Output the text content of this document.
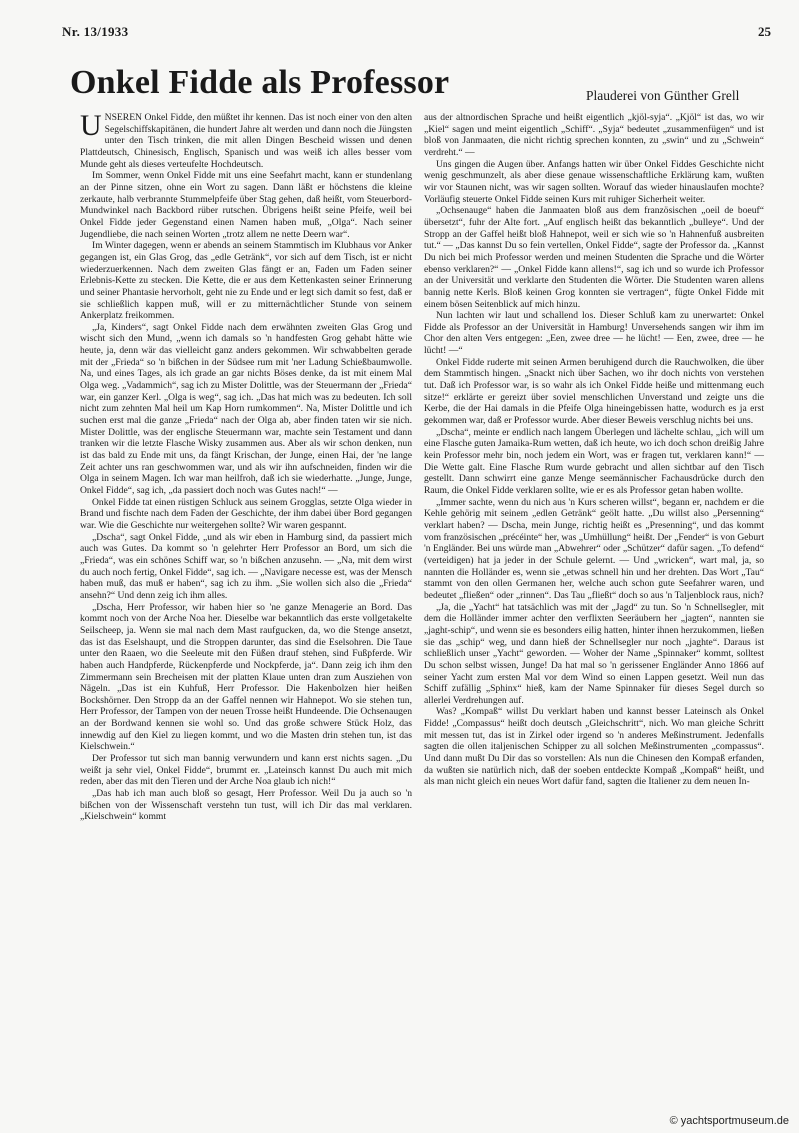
Nr. 13/1933	25
Onkel Fidde als Professor	Plauderei von Günther Grell

UNSEREN Onkel Fidde, den müßtet ihr kennen. Das ist noch einer von den alten Segelschiffskapitänen, die hundert Jahre alt werden und dann noch die Jüngsten unter den Tisch trinken, die mit allen Dingen Bescheid wissen und denen Plattdeutsch, Chinesisch, Englisch, Spanisch und was weiß ich alles besser vom Munde geht als dieses verteufelte Hochdeutsch.

Im Sommer, wenn Onkel Fidde mit uns eine Seefahrt macht, kann er stundenlang an der Pinne sitzen, ohne ein Wort zu sagen. Dann läßt er höchstens die kleine zerkaute, halb verbrannte Stummelpfeife über Stag gehen, daß heißt, vom Steuerbord-Mundwinkel nach Backbord rüber rutschen. Übrigens heißt seine Pfeife, weil bei Onkel Fidde jeder Gegenstand einen Namen haben muß, „Olga“. Nach seiner Jugendliebe, die nach seinen Worten „trotz allem ne nette Deern war“.

Im Winter dagegen, wenn er abends an seinem Stammtisch im Klubhaus vor Anker gegangen ist, ein Glas Grog, das „edle Getränk“, vor sich auf dem Tisch, ist er nicht wiederzuerkennen. Nach dem zweiten Glas fängt er an, Faden um Faden seiner Erlebnis-Kette zu stecken. Die Kette, die er aus dem Kettenkasten seiner Erinnerung und seiner Phantasie hervorholt, geht nie zu Ende und er legt sich damit so fest, daß er sie schließlich kappen muß, will er zu mitternächtlicher Stunde von seinem Ankerplatz freikommen.

„Ja, Kinders“, sagt Onkel Fidde nach dem erwähnten zweiten Glas Grog und wischt sich den Mund, „wenn ich damals so 'n handfesten Grog gehabt hätte wie heute, ja, denn wär das vielleicht ganz anders gekommen. Wir schwabbelten gerade mit der „Frieda“ so 'n bißchen in der Südsee rum mit 'ner Ladung Schießbaumwolle. Na, und eines Tages, als ich grade an gar nichts Böses denke, da ist mit einem Mal Olga weg. „Vadammich“, sag ich zu Mister Dolittle, was der Steuermann der „Frieda“ war, ein ganzer Kerl. „Olga is weg“, sag ich. „Das hat mich was zu bedeuten. Ich soll nicht zum zehnten Mal heil um Kap Horn rumkommen“. Na, Mister Dolittle und ich suchen erst mal die ganze „Frieda“ nach der Olga ab, aber finden taten wir sie nich. Mister Dolittle, was der englische Steuermann war, machte sein Testament und dann tranken wir die letzte Flasche Wisky zusammen aus. Aber als wir schon denken, nun ist das bald zu Ende mit uns, da fängt Krischan, der Junge, einen Hai, der 'ne lange Zeit achter uns ran geschwommen war, und als wir ihn aufschneiden, finden wir die Olga in seinem Magen. Ich war man heilfroh, daß ich sie wiederhatte. „Junge, Junge, Onkel Fidde“, sag ich, „da passiert doch noch was Gutes nach!“ —

Onkel Fidde tat einen rüstigen Schluck aus seinem Grogglas, setzte Olga wieder in Brand und fischte nach dem Faden der Geschichte, der ihm dabei über Bord gegangen war. Wie die Geschichte nur weitergehen sollte? Wir waren gespannt.

„Dscha“, sagt Onkel Fidde, „und als wir eben in Hamburg sind, da passiert mich auch was Gutes. Da kommt so 'n gelehrter Herr Professor an Bord, um sich die „Frieda“, was ein schönes Schiff war, so 'n bißchen anzusehn. — „Na, mit dem wirst du auch noch fertig, Onkel Fidde“, sag ich. — „Navigare necesse est, was der Mensch haben muß, das muß er haben“, sag ich zu ihm. „Sie wollen sich also die „Frieda“ ansehn?“ Und denn zeig ich ihm alles.

„Dscha, Herr Professor, wir haben hier so 'ne ganze Menagerie an Bord. Das kommt noch von der Arche Noa her. Dieselbe war bekanntlich das erste vollgetakelte Seilscheep, ja. Wenn sie mal nach dem Mast raufgucken, da, wo die Stenge ansetzt, das ist das Eselshaupt, und die Stroppen darunter, das sind die Eselsohren. Die Taue unter den Raaen, wo die Seeleute mit den Füßen drauf stehen, sind Fußpferde. Wir haben auch Handpferde, Rückenpferde und Nockpferde, ja“. Dann zeig ich ihm den Zimmermann sein Brecheisen mit der platten Klaue unten dran zum Ausziehen von Nägeln. „Das ist ein Kuhfuß, Herr Professor. Die Hakenbolzen hier heißen Bockshörner. Den Stropp da an der Gaffel nennen wir Hahnepot. Wo sie stehen tun, Herr Professor, der Tampen von der neuen Trosse heißt Hundeende. Die Ochsenaugen an der Bordwand kennen sie wohl so. Und das große schwere Stück Holz, das innewdig auf den Kiel zu liegen kommt, und wo die Masten drin stehen tun, ist das Kielschwein.“

Der Professor tut sich man bannig verwundern und kann erst nichts sagen. „Du weißt ja sehr viel, Onkel Fidde“, brummt er. „Lateinsch kannst Du auch mit mich reden, aber das mit den Tieren und der Arche Noa glaub ich nich!“

„Das hab ich man auch bloß so gesagt, Herr Professor. Weil Du ja auch so 'n bißchen von der Wissenschaft verstehn tun tust, will ich Dir das mal verklaren. „Kielschwein“ kommt

aus der altnordischen Sprache und heißt eigentlich „kjöl-syja“. „Kjöl“ ist das, wo wir „Kiel“ sagen und meint eigentlich „Schiff“. „Syja“ bedeutet „zusammenfügen“ und ist bloß von Janmaaten, die nicht richtig sprechen konnten, zu „swin“ und zu „Schwein“ verdreht.“ —

Uns gingen die Augen über. Anfangs hatten wir über Onkel Fiddes Geschichte nicht wenig geschmunzelt, als aber diese genaue wissenschaftliche Erklärung kam, wußten wir vor Staunen nicht, was wir sagen sollten. Worauf das wieder hinauslaufen mochte? Vorläufig steuerte Onkel Fidde seinen Kurs mit ruhiger Sicherheit weiter.

„Ochsenauge“ haben die Janmaaten bloß aus dem französischen „oeil de boeuf“ übersetzt“, fuhr der Alte fort. „Auf englisch heißt das bekanntlich „bulleye“. Und der Stropp an der Gaffel heißt bloß Hahnepot, weil er sich wie so 'n Hahnenfuß ausbreiten tut.“ — „Das kannst Du so fein vertellen, Onkel Fidde“, sagte der Professor da. „Kannst Du nich bei mich Professor werden und meinen Studenten die Sprache und die Wörter ebenso verklaren?“ — „Onkel Fidde kann allens!“, sag ich und so wurde ich Professor an der Universität und verklarte den Studenten die Wörter. Die Studenten waren allens bannig nette Kerls. Bloß keinen Grog konnten sie vertragen“, fügte Onkel Fidde mit einem bösen Seitenblick auf mich hinzu.

Nun lachten wir laut und schallend los. Dieser Schluß kam zu unerwartet: Onkel Fidde als Professor an der Universität in Hamburg! Unversehends sangen wir ihm im Chor den alten Vers entgegen: „Een, zwee dree — he lücht! — Een, zwee, dree — he lücht! —“

Onkel Fidde ruderte mit seinen Armen beruhigend durch die Rauchwolken, die über dem Stammtisch hingen. „Snackt nich über Sachen, wo ihr doch nichts von verstehen tut. Daß ich Professor war, is so wahr als ich Onkel Fidde heiße und mittenmang euch sitze!“ erklärte er gereizt über soviel menschlichen Unverstand und zeigte uns die Kerbe, die der Hai damals in die Pfeife Olga hineingebissen hatte, wodurch es ja erst gekommen war, daß er Professor wurde. Aber dieser Beweis verschlug nichts bei uns.

„Dscha“, meinte er endlich nach langem Überlegen und lächelte schlau, „ich will um eine Flasche guten Jamaika-Rum wetten, daß ich heute, wo ich doch schon dreißig Jahre kein Professor mehr bin, noch jedem ein Wort, was er fragen tut, verklaren kann!“ — Die Wette galt. Eine Flasche Rum wurde gebracht und allen sichtbar auf den Tisch gestellt. Dann schwirrt eine ganze Menge seemännischer Fachausdrücke durch den Raum, die Onkel Fidde verklaren sollte, wie er es als Professor getan haben wollte.

„Immer sachte, wenn du nich aus 'n Kurs scheren willst“, begann er, nachdem er die Kehle gehörig mit seinem „edlen Getränk“ geölt hatte. „Du willst also „Persenning“ verklart haben? — Dscha, mein Junge, richtig heißt es „Presenning“, und das kommt vom französischen „précéinte“ her, was „Umhüllung“ heißt. Der „Fender“ is von Geburt 'n Engländer. Bei uns würde man „Abwehrer“ oder „Schützer“ dafür sagen. „To defend“ (verteidigen) hat ja jeder in der Schule gelernt. — Und „wricken“, wart mal, ja, so nannten die Holländer es, wenn sie „etwas schnell hin und her drehten. Das Wort „Tau“ stammt von den ollen Germanen her, welche auch schon gute Seefahrer waren, und bedeutet „fließen“ oder „rinnen“. Das Tau „fließt“ doch so aus 'n Taljenblock raus, nich?

„Ja, die „Yacht“ hat tatsächlich was mit der „Jagd“ zu tun. So 'n Schnellsegler, mit dem die Holländer immer achter den verflixten Seeräubern her „jagten“, nannten sie „jaght-schip“, und wenn sie es besonders eilig hatten, hinter ihnen herzukommen, ließen sie das „schip“ weg, und dann hieß der Schnellsegler nur noch „jaghte“. Daraus ist schließlich unser „Yacht“ geworden. — Woher der Name „Spinnaker“ kommt, solltest Du schon selbst wissen, Junge! Da hat mal so 'n gerissener Engländer Anno 1866 auf seiner Yacht zum ersten Mal vor dem Wind so einen Lappen gesetzt. Weil nun das Schiff zufällig „Sphinx“ hieß, kam der Name Spinnaker für dieses Segel durch so allerlei Verdrehungen auf.

Was? „Kompaß“ willst Du verklart haben und kannst besser Lateinsch als Onkel Fidde! „Compassus“ heißt doch deutsch „Gleichschritt“, nich. Wo man gleiche Schritt mit messen tut, das ist in Zirkel oder irgend so 'n anderes Meßinstrument. Jedenfalls sagten die ollen italjenischen Schipper zu all solchen Meßinstrumenten „compassus“. Und dann mußt Du Dir das so vorstellen: Als nun die Chinesen den Kompaß erfanden, da wußten sie natürlich nich, daß der soeben entdeckte Kompaß „Kompaß“ heißt, und als man nicht gleich ein neues Wort dafür fand, sagten die Italiener zu dem neuen In-

© yachtsportmuseum.de
